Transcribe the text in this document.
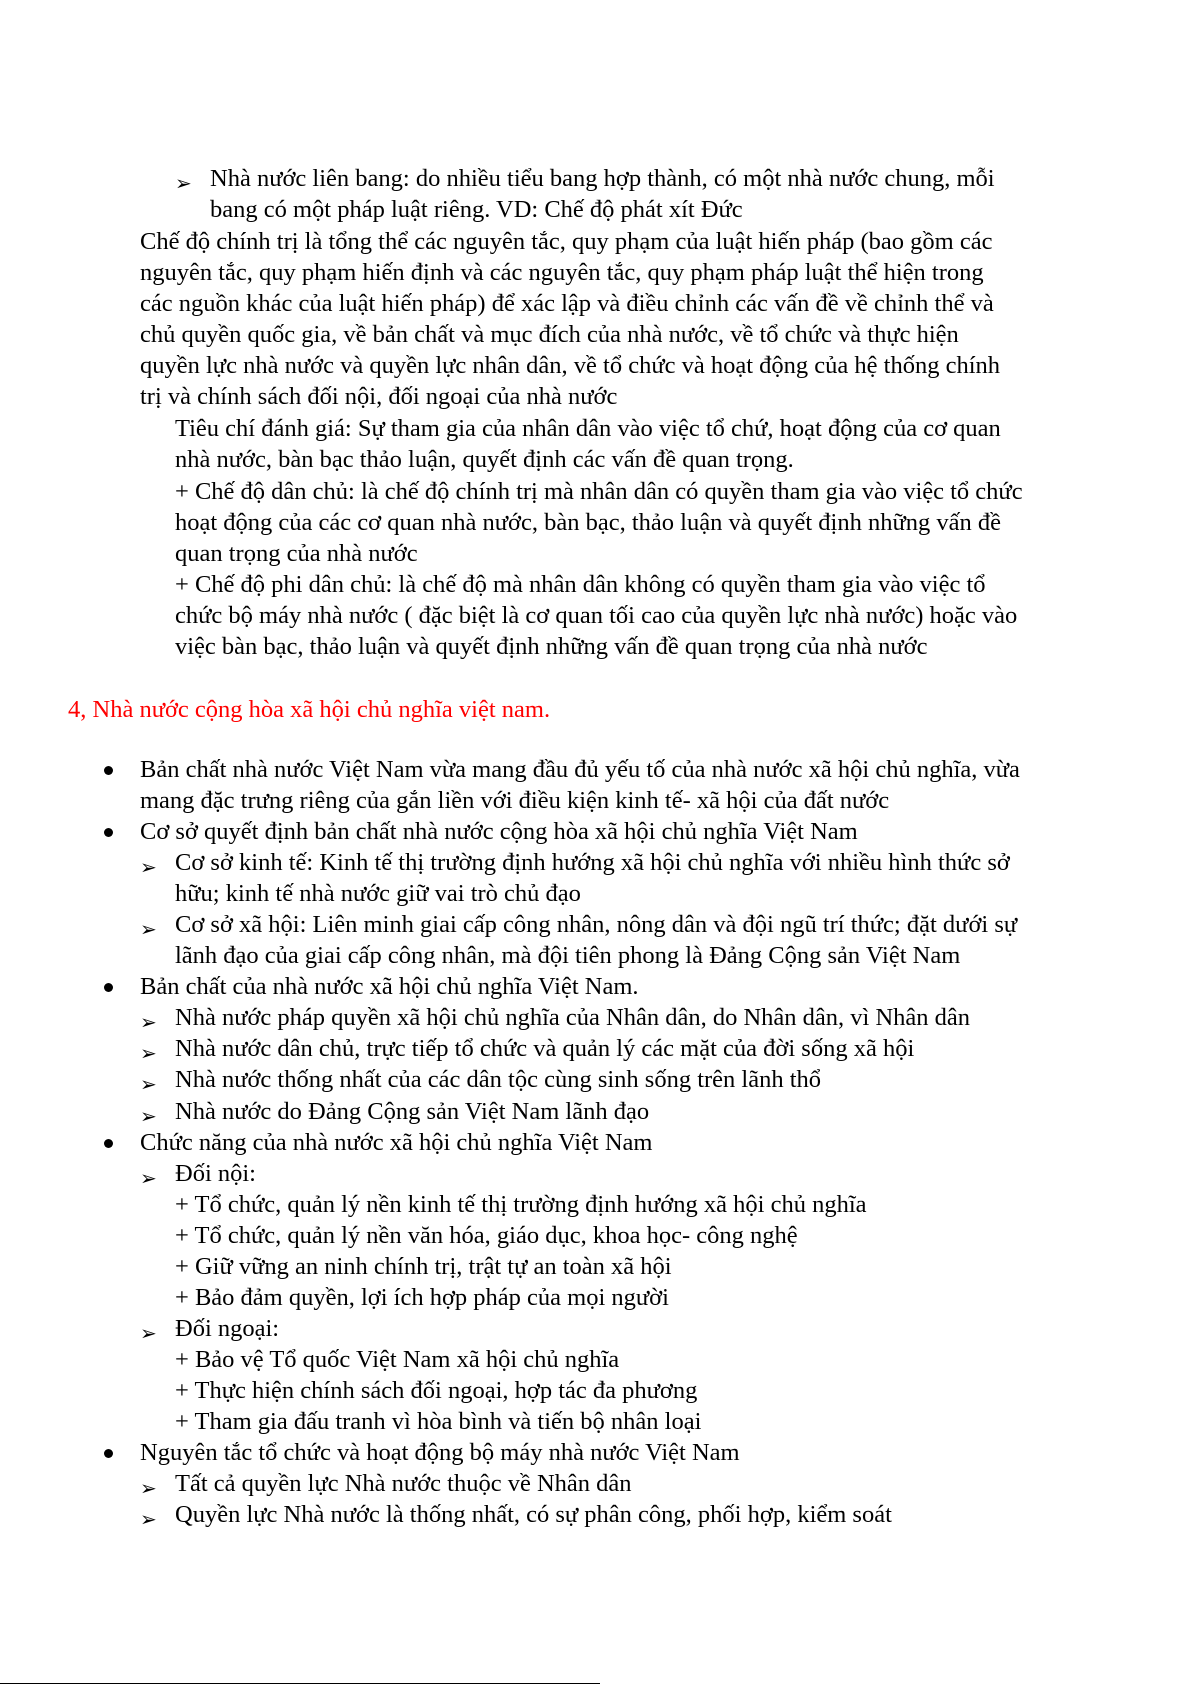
➢ Nhà nước liên bang: do nhiều tiểu bang hợp thành, có một nhà nước chung, mỗi
bang có một pháp luật riêng. VD: Chế độ phát xít Đức
Chế độ chính trị là tổng thể các nguyên tắc, quy phạm của luật hiến pháp (bao gồm các
nguyên tắc, quy phạm hiến định và các nguyên tắc, quy phạm pháp luật thể hiện trong
các nguồn khác của luật hiến pháp) để xác lập và điều chỉnh các vấn đề về chỉnh thể và
chủ quyền quốc gia, về bản chất và mục đích của nhà nước, về tổ chức và thực hiện
quyền lực nhà nước và quyền lực nhân dân, về tổ chức và hoạt động của hệ thống chính
trị và chính sách đối nội, đối ngoại của nhà nước
Tiêu chí đánh giá: Sự tham gia của nhân dân vào việc tổ chứ, hoạt động của cơ quan
nhà nước, bàn bạc thảo luận, quyết định các vấn đề quan trọng.
+ Chế độ dân chủ: là chế độ chính trị mà nhân dân có quyền tham gia vào việc tổ chức
hoạt động của các cơ quan nhà nước, bàn bạc, thảo luận và quyết định những vấn đề
quan trọng của nhà nước
+ Chế độ phi dân chủ: là chế độ mà nhân dân không có quyền tham gia vào việc tổ
chức bộ máy nhà nước ( đặc biệt là cơ quan tối cao của quyền lực nhà nước) hoặc vào
việc bàn bạc, thảo luận và quyết định những vấn đề quan trọng của nhà nước
4, Nhà nước cộng hòa xã hội chủ nghĩa việt nam.
Bản chất nhà nước Việt Nam vừa mang đầu đủ yếu tố của nhà nước xã hội chủ nghĩa, vừa
mang đặc trưng riêng của gắn liền với điều kiện kinh tế- xã hội của đất nước
Cơ sở quyết định bản chất nhà nước cộng hòa xã hội chủ nghĩa Việt Nam
➢ Cơ sở kinh tế: Kinh tế thị trường định hướng xã hội chủ nghĩa với nhiều hình thức sở
hữu; kinh tế nhà nước giữ vai trò chủ đạo
➢ Cơ sở xã hội: Liên minh giai cấp công nhân, nông dân và đội ngũ trí thức; đặt dưới sự
lãnh đạo của giai cấp công nhân, mà đội tiên phong là Đảng Cộng sản Việt Nam
Bản chất của nhà nước xã hội chủ nghĩa Việt Nam.
➢ Nhà nước pháp quyền xã hội chủ nghĩa của Nhân dân, do Nhân dân, vì Nhân dân
➢ Nhà nước dân chủ, trực tiếp tổ chức và quản lý các mặt của đời sống xã hội
➢ Nhà nước thống nhất của các dân tộc cùng sinh sống trên lãnh thổ
➢ Nhà nước do Đảng Cộng sản Việt Nam lãnh đạo
Chức năng của nhà nước xã hội chủ nghĩa Việt Nam
➢ Đối nội:
+ Tổ chức, quản lý nền kinh tế thị trường định hướng xã hội chủ nghĩa
+ Tổ chức, quản lý nền văn hóa, giáo dục, khoa học- công nghệ
+ Giữ vững an ninh chính trị, trật tự an toàn xã hội
+ Bảo đảm quyền, lợi ích hợp pháp của mọi người
➢ Đối ngoại:
+ Bảo vệ Tổ quốc Việt Nam xã hội chủ nghĩa
+ Thực hiện chính sách đối ngoại, hợp tác đa phương
+ Tham gia đấu tranh vì hòa bình và tiến bộ nhân loại
Nguyên tắc tổ chức và hoạt động bộ máy nhà nước Việt Nam
➢ Tất cả quyền lực Nhà nước thuộc về Nhân dân
➢ Quyền lực Nhà nước là thống nhất, có sự phân công, phối hợp, kiểm soát
